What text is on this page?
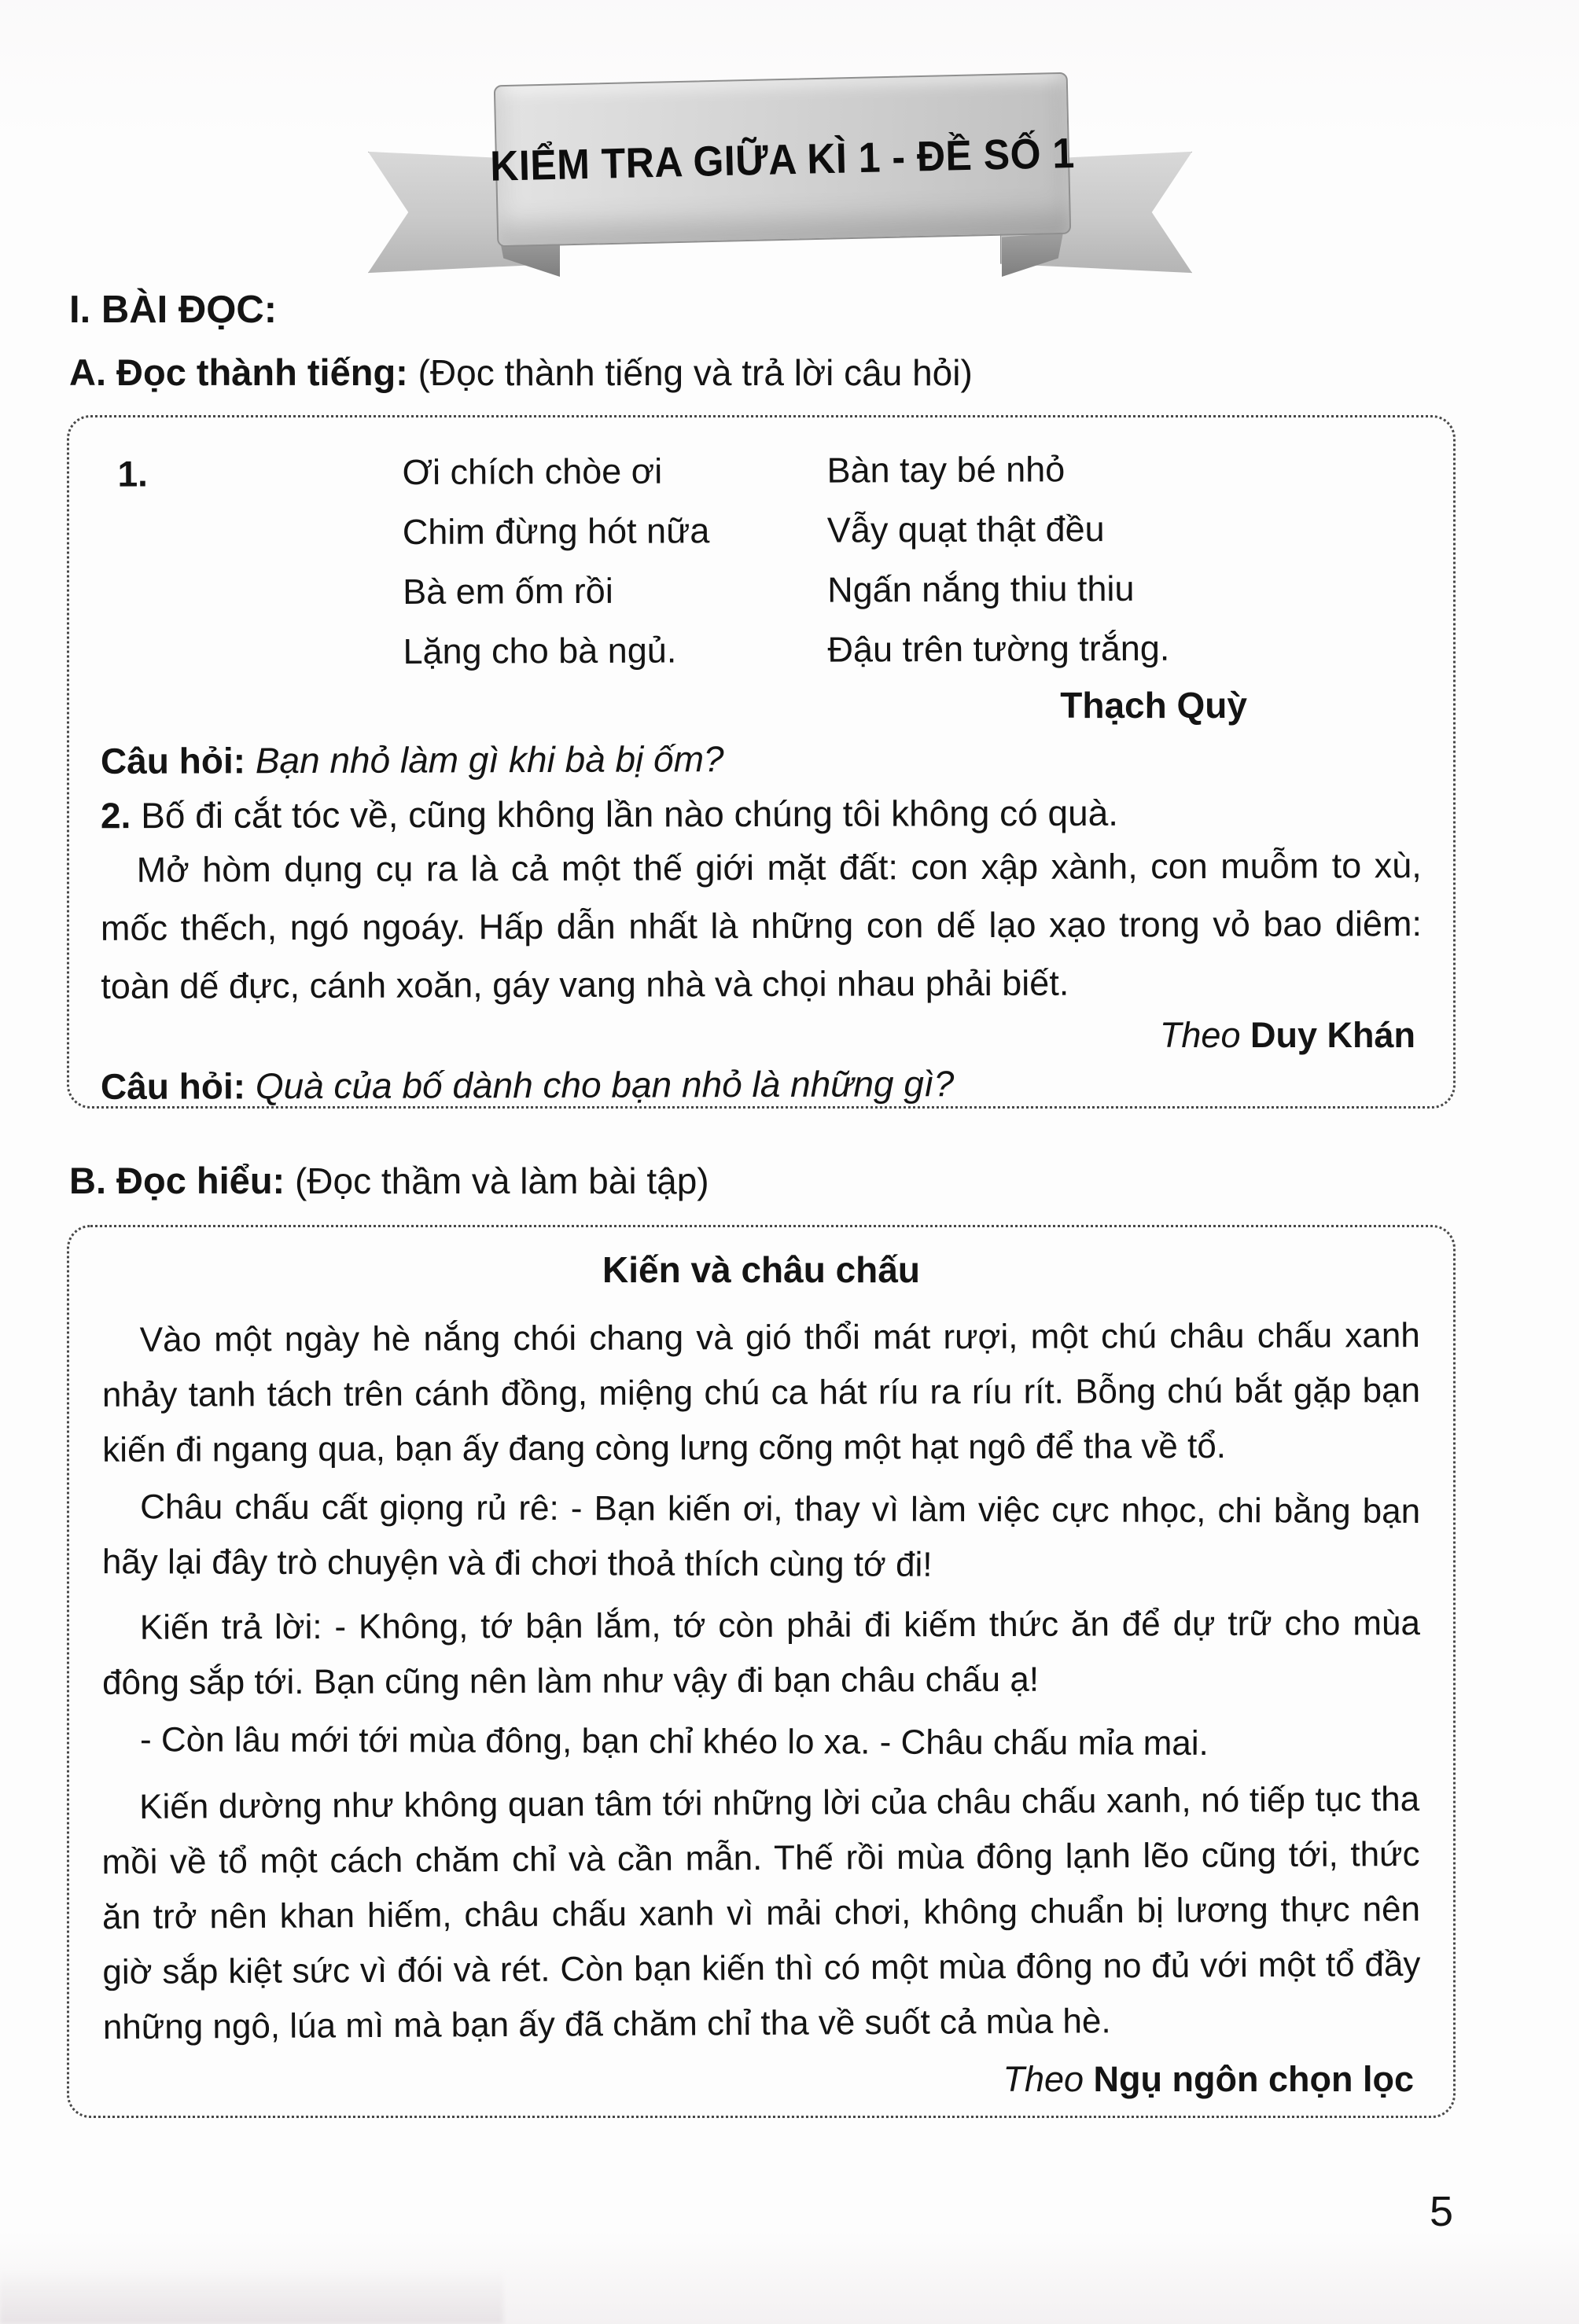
KIỂM TRA GIỮA KÌ 1 - ĐỀ SỐ 1
I. BÀI ĐỌC:
A. Đọc thành tiếng: (Đọc thành tiếng và trả lời câu hỏi)
1.	Ơi chích chòe ơi
Chim đừng hót nữa
Bà em ốm rồi
Lặng cho bà ngủ.
Bàn tay bé nhỏ
Vẫy quạt thật đều
Ngấn nắng thiu thiu
Đậu trên tường trắng.
Thạch Quỳ
Câu hỏi: Bạn nhỏ làm gì khi bà bị ốm?
2. Bố đi cắt tóc về, cũng không lần nào chúng tôi không có quà.
Mở hòm dụng cụ ra là cả một thế giới mặt đất: con xập xành, con muỗm to xù, mốc thếch, ngó ngoáy. Hấp dẫn nhất là những con dế lạo xạo trong vỏ bao diêm: toàn dế đực, cánh xoăn, gáy vang nhà và chọi nhau phải biết.
Theo Duy Khán
Câu hỏi: Quà của bố dành cho bạn nhỏ là những gì?
B. Đọc hiểu: (Đọc thầm và làm bài tập)
Kiến và châu chấu

Vào một ngày hè nắng chói chang và gió thổi mát rượi, một chú châu chấu xanh nhảy tanh tách trên cánh đồng, miệng chú ca hát ríu ra ríu rít. Bỗng chú bắt gặp bạn kiến đi ngang qua, bạn ấy đang còng lưng cõng một hạt ngô để tha về tổ.

Châu chấu cất giọng rủ rê: - Bạn kiến ơi, thay vì làm việc cực nhọc, chi bằng bạn hãy lại đây trò chuyện và đi chơi thoả thích cùng tớ đi!

Kiến trả lời: - Không, tớ bận lắm, tớ còn phải đi kiếm thức ăn để dự trữ cho mùa đông sắp tới. Bạn cũng nên làm như vậy đi bạn châu chấu ạ!

- Còn lâu mới tới mùa đông, bạn chỉ khéo lo xa. - Châu chấu mỉa mai.

Kiến dường như không quan tâm tới những lời của châu chấu xanh, nó tiếp tục tha mồi về tổ một cách chăm chỉ và cần mẫn. Thế rồi mùa đông lạnh lẽo cũng tới, thức ăn trở nên khan hiếm, châu chấu xanh vì mải chơi, không chuẩn bị lương thực nên giờ sắp kiệt sức vì đói và rét. Còn bạn kiến thì có một mùa đông no đủ với một tổ đầy những ngô, lúa mì mà bạn ấy đã chăm chỉ tha về suốt cả mùa hè.

Theo Ngụ ngôn chọn lọc
5
